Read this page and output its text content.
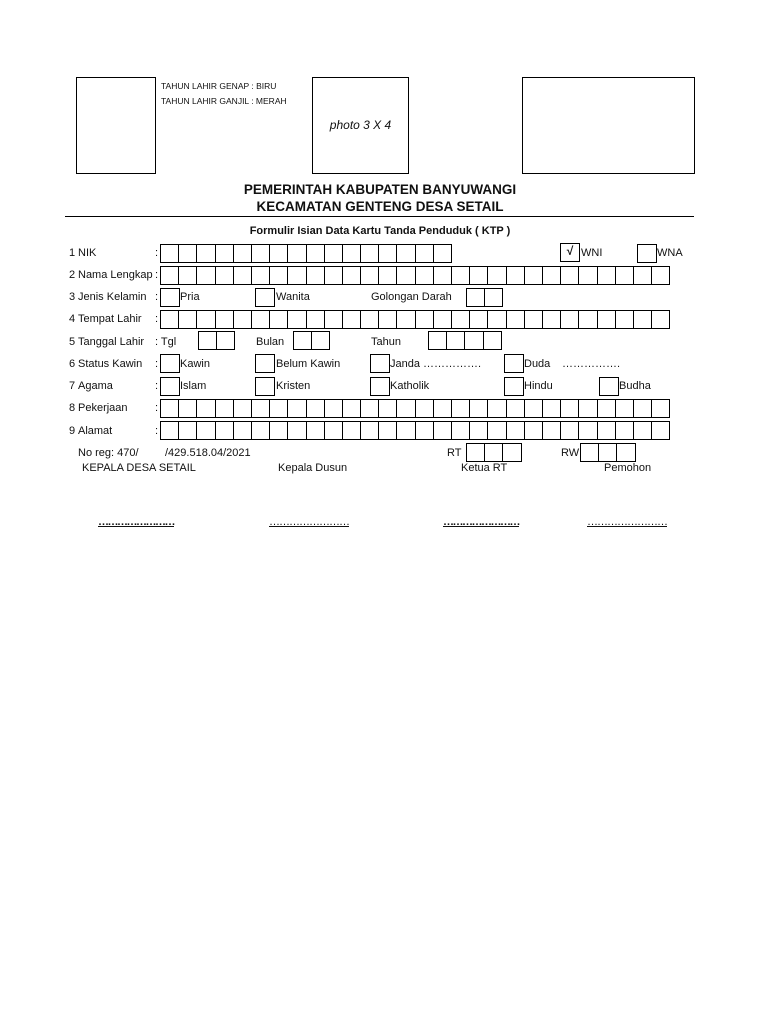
TAHUN LAHIR GENAP : BIRU
TAHUN LAHIR GANJIL : MERAH
photo 3 X 4
PEMERINTAH KABUPATEN BANYUWANGI
KECAMATAN GENTENG DESA SETAIL
Formulir Isian Data Kartu Tanda Penduduk ( KTP )
1 NIK	:	√ WNI	WNA
2 Nama Lengkap :
3 Jenis Kelamin : Pria	Wanita	Golongan Darah
4 Tempat Lahir :
5 Tanggal Lahir : Tgl	Bulan	Tahun
6 Status Kawin : Kawin	Belum Kawin	Janda …………….	Duda …………….
7 Agama	: Islam	Kristen	Katholik	Hindu	Budha
8 Pekerjaan :
9 Alamat	:
No reg: 470/ /429.518.04/2021	RT	RW
KEPALA DESA SETAIL	Kepala Dusun	Ketua RT	Pemohon
……………………	……………………	……………………	……………………
